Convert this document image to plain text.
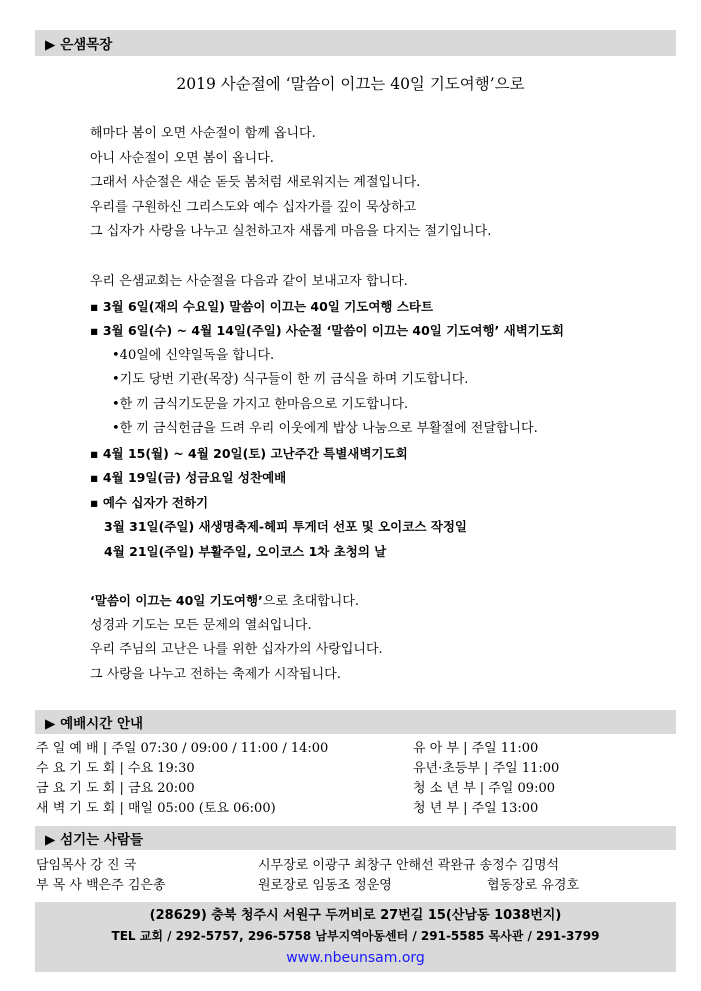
▶ 은샘목장
2019 사순절에 ‘말씀이 이끄는 40일 기도여행’으로
해마다 봄이 오면 사순절이 함께 옵니다.
아니 사순절이 오면 봄이 옵니다.
그래서 사순절은 새순 돋듯 봄처럼 새로워지는 계절입니다.
우리를 구원하신 그리스도와 예수 십자가를 깊이 묵상하고
그 십자가 사랑을 나누고 실천하고자 새롭게 마음을 다지는 절기입니다.
우리 은샘교회는 사순절을 다음과 같이 보내고자 합니다.
▪ 3월 6일(재의 수요일) 말씀이 이끄는 40일 기도여행 스타트
▪ 3월 6일(수) ~ 4월 14일(주일) 사순절 ‘말씀이 이끄는 40일 기도여행’ 새벽기도회
•40일에 신약일독을 합니다.
•기도 당번 기관(목장) 식구들이 한 끼 금식을 하며 기도합니다.
•한 끼 금식기도문을 가지고 한마음으로 기도합니다.
•한 끼 금식헌금을 드려 우리 이웃에게 밥상 나눔으로 부활절에 전달합니다.
▪ 4월 15(월) ~ 4월 20일(토) 고난주간 특별새벽기도회
▪ 4월 19일(금) 성금요일 성찬예배
▪ 예수 십자가 전하기
3월 31일(주일) 새생명축제-헤피 투게더 선포 및 오이코스 작정일
4월 21일(주일) 부활주일, 오이코스 1차 초청의 날
‘말씀이 이끄는 40일 기도여행’으로 초대합니다.
성경과 기도는 모든 문제의 열쇠입니다.
우리 주님의 고난은 나를 위한 십자가의 사랑입니다.
그 사랑을 나누고 전하는 축제가 시작됩니다.
▶ 예배시간 안내
주 일 예 배 | 주일 07:30 / 09:00 / 11:00 / 14:00
수 요 기 도 회 | 수요 19:30
금 요 기 도 회 | 금요 20:00
새 벽 기 도 회 | 매일 05:00 (토요 06:00)
유 아 부 | 주일 11:00
유년·초등부 | 주일 11:00
청 소 년 부 | 주일 09:00
청 년 부 | 주일 13:00
▶ 섬기는 사람들
담임목사 강 진 국
부 목 사 백은주 김은총
시무장로 이광구 최창구 안해선 곽완규 송정수 김명석
원로장로 임동조 정운영	협동장로 유경호
(28629) 충북 청주시 서원구 두꺼비로 27번길 15(산남동 1038번지)
TEL 교회 / 292-5757, 296-5758 남부지역아동센터 / 291-5585 목사관 / 291-3799
www.nbeunsam.org
